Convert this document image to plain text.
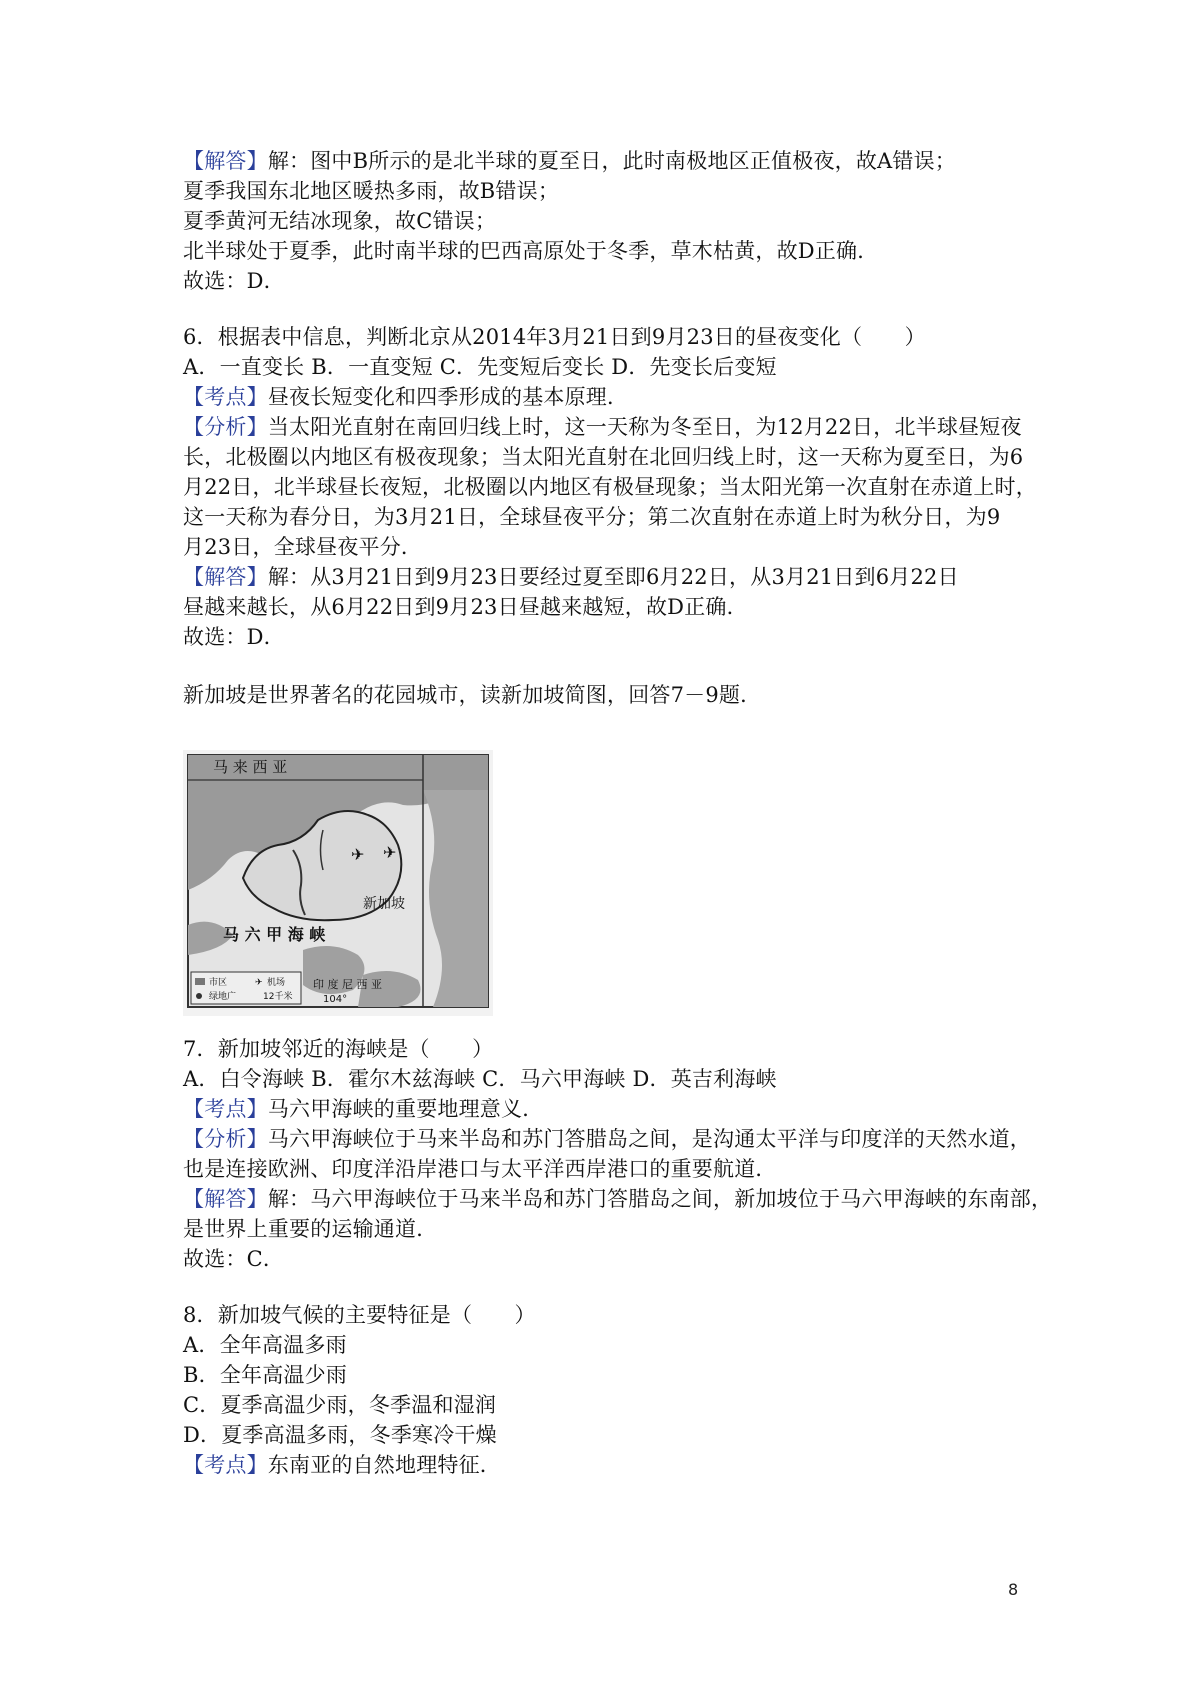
【解答】解：图中B所示的是北半球的夏至日，此时南极地区正值极夜，故A错误；
夏季我国东北地区暖热多雨，故B错误；
夏季黄河无结冰现象，故C错误；
北半球处于夏季，此时南半球的巴西高原处于冬季，草木枯黄，故D正确．
故选：D．
6．根据表中信息，判断北京从2014年3月21日到9月23日的昼夜变化（　　）
A．一直变长 B．一直变短 C．先变短后变长 D．先变长后变短
【考点】昼夜长短变化和四季形成的基本原理．
【分析】当太阳光直射在南回归线上时，这一天称为冬至日，为12月22日，北半球昼短夜
长，北极圈以内地区有极夜现象；当太阳光直射在北回归线上时，这一天称为夏至日，为6
月22日，北半球昼长夜短，北极圈以内地区有极昼现象；当太阳光第一次直射在赤道上时，
这一天称为春分日，为3月21日，全球昼夜平分；第二次直射在赤道上时为秋分日，为9
月23日，全球昼夜平分．
【解答】解：从3月21日到9月23日要经过夏至即6月22日，从3月21日到6月22日
昼越来越长，从6月22日到9月23日昼越来越短，故D正确．
故选：D．
新加坡是世界著名的花园城市，读新加坡简图，回答7－9题．
✈ ✈
马 来 西 亚
新加坡
马 六 甲 海 峡
市区	✈ 机场
绿地广	12千米
印 度 尼 西 亚
104°
7．新加坡邻近的海峡是（　　）
A．白令海峡 B．霍尔木兹海峡 C．马六甲海峡 D．英吉利海峡
【考点】马六甲海峡的重要地理意义．
【分析】马六甲海峡位于马来半岛和苏门答腊岛之间，是沟通太平洋与印度洋的天然水道，
也是连接欧洲、印度洋沿岸港口与太平洋西岸港口的重要航道．
【解答】解：马六甲海峡位于马来半岛和苏门答腊岛之间，新加坡位于马六甲海峡的东南部，
是世界上重要的运输通道．
故选：C．
8．新加坡气候的主要特征是（　　）
A．全年高温多雨
B．全年高温少雨
C．夏季高温少雨，冬季温和湿润
D．夏季高温多雨，冬季寒冷干燥
【考点】东南亚的自然地理特征．
8
